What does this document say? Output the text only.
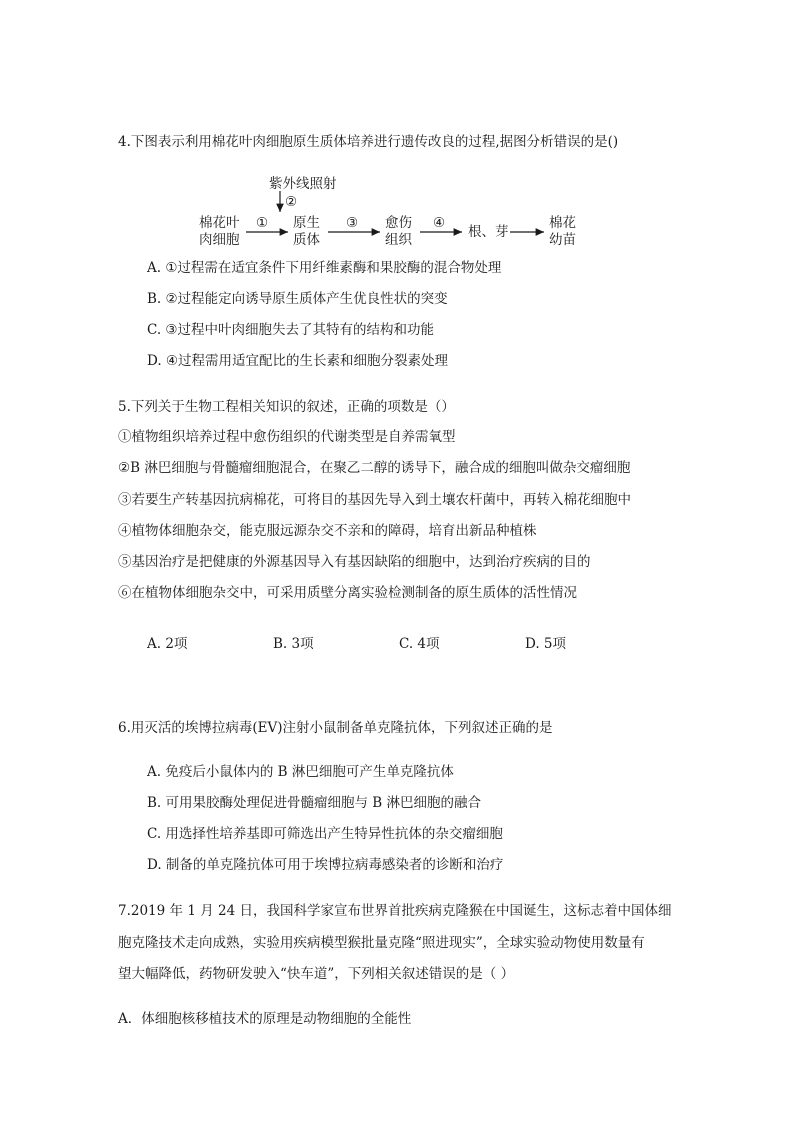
4.下图表示利用棉花叶肉细胞原生质体培养进行遗传改良的过程,据图分析错误的是()
紫外线照射
②
棉花叶
肉细胞
① 原生
质体
③ 愈伤
组织
④
根、芽
棉花
幼苗
A. ①过程需在适宜条件下用纤维素酶和果胶酶的混合物处理
B. ②过程能定向诱导原生质体产生优良性状的突变
C. ③过程中叶肉细胞失去了其特有的结构和功能
D. ④过程需用适宜配比的生长素和细胞分裂素处理
5.下列关于生物工程相关知识的叙述，正确的项数是（）
①植物组织培养过程中愈伤组织的代谢类型是自养需氧型
②B 淋巴细胞与骨髓瘤细胞混合，在聚乙二醇的诱导下，融合成的细胞叫做杂交瘤细胞
③若要生产转基因抗病棉花，可将目的基因先导入到土壤农杆菌中，再转入棉花细胞中
④植物体细胞杂交，能克服远源杂交不亲和的障碍，培育出新品种植株
⑤基因治疗是把健康的外源基因导入有基因缺陷的细胞中，达到治疗疾病的目的
⑥在植物体细胞杂交中，可采用质壁分离实验检测制备的原生质体的活性情况
A. 2项	B. 3项	C. 4项	D. 5项
6.用灭活的埃博拉病毒(EV)注射小鼠制备单克隆抗体，下列叙述正确的是
A. 免疫后小鼠体内的 B 淋巴细胞可产生单克隆抗体
B. 可用果胶酶处理促进骨髓瘤细胞与 B 淋巴细胞的融合
C. 用选择性培养基即可筛选出产生特异性抗体的杂交瘤细胞
D. 制备的单克隆抗体可用于埃博拉病毒感染者的诊断和治疗
7.2019 年 1 月 24 日，我国科学家宣布世界首批疾病克隆猴在中国诞生，这标志着中国体细
胞克隆技术走向成熟，实验用疾病模型猴批量克隆“照进现实”，全球实验动物使用数量有
望大幅降低，药物研发驶入“快车道”，下列相关叙述错误的是（ ）
A．体细胞核移植技术的原理是动物细胞的全能性
